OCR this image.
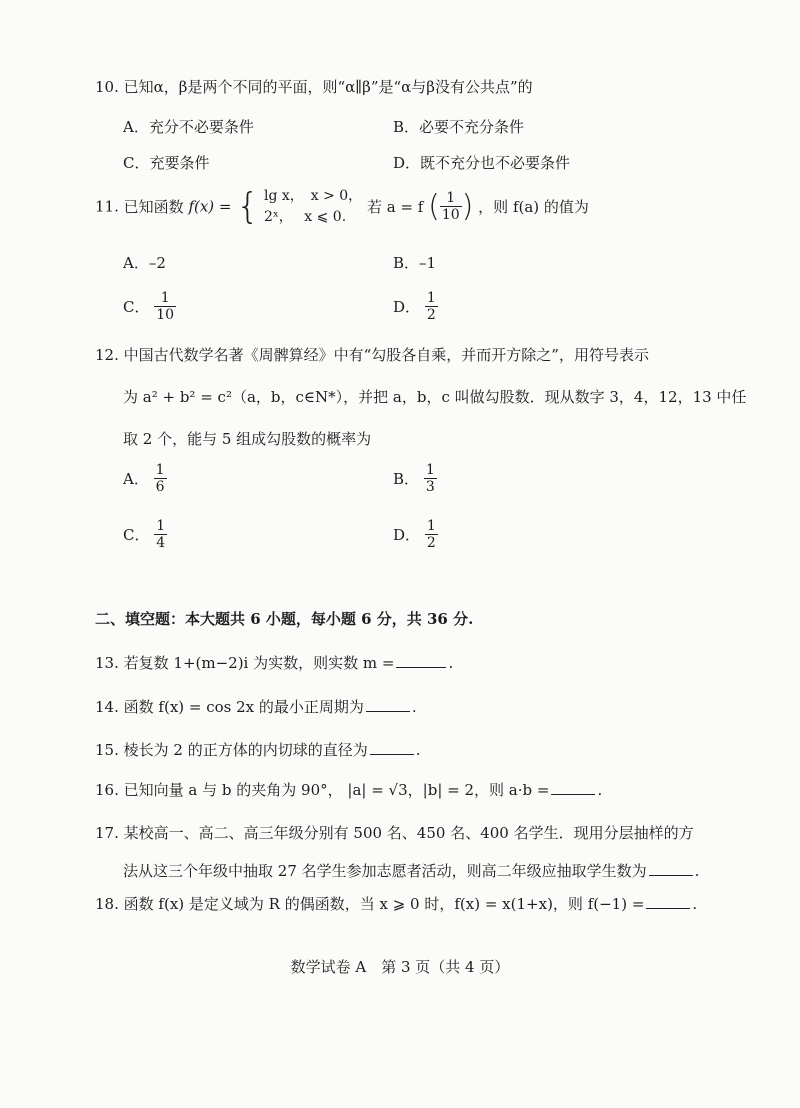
10. 已知α，β是两个不同的平面，则“α∥β”是“α与β没有公共点”的
A．充分不必要条件	B．必要不充分条件
C．充要条件	D．既不充分也不必要条件
11. 已知函数 f(x) = { lg x，　x > 0，
2ˣ，　 x ⩽ 0.
若 a = f ( $\frac{1}{10}$ ) ，则 f(a) 的值为
A．–2	B．–1
C． $\frac{1}{10}$	D． $\frac{1}{2}$
12. 中国古代数学名著《周髀算经》中有“勾股各自乘，并而开方除之”，用符号表示
为 a² + b² = c²（a，b，c∈N*），并把 a，b，c 叫做勾股数．现从数字 3，4，12，13 中任
取 2 个，能与 5 组成勾股数的概率为
A． $\frac{1}{6}$	B． $\frac{1}{3}$
C． $\frac{1}{4}$	D． $\frac{1}{2}$
二、填空题：本大题共 6 小题，每小题 6 分，共 36 分.
13. 若复数 1+(m−2)i 为实数，则实数 m =	.
14. 函数 f(x) = cos 2x 的最小正周期为	.
15. 棱长为 2 的正方体的内切球的直径为	.
16. 已知向量 a 与 b 的夹角为 90°， |a| = √3，|b| = 2，则 a·b =	.
17. 某校高一、高二、高三年级分别有 500 名、450 名、400 名学生．现用分层抽样的方
法从这三个年级中抽取 27 名学生参加志愿者活动，则高二年级应抽取学生数为	.
18. 函数 f(x) 是定义域为 R 的偶函数，当 x ⩾ 0 时，f(x) = x(1+x)，则 f(−1) =	.
数学试卷 A　第 3 页（共 4 页）
